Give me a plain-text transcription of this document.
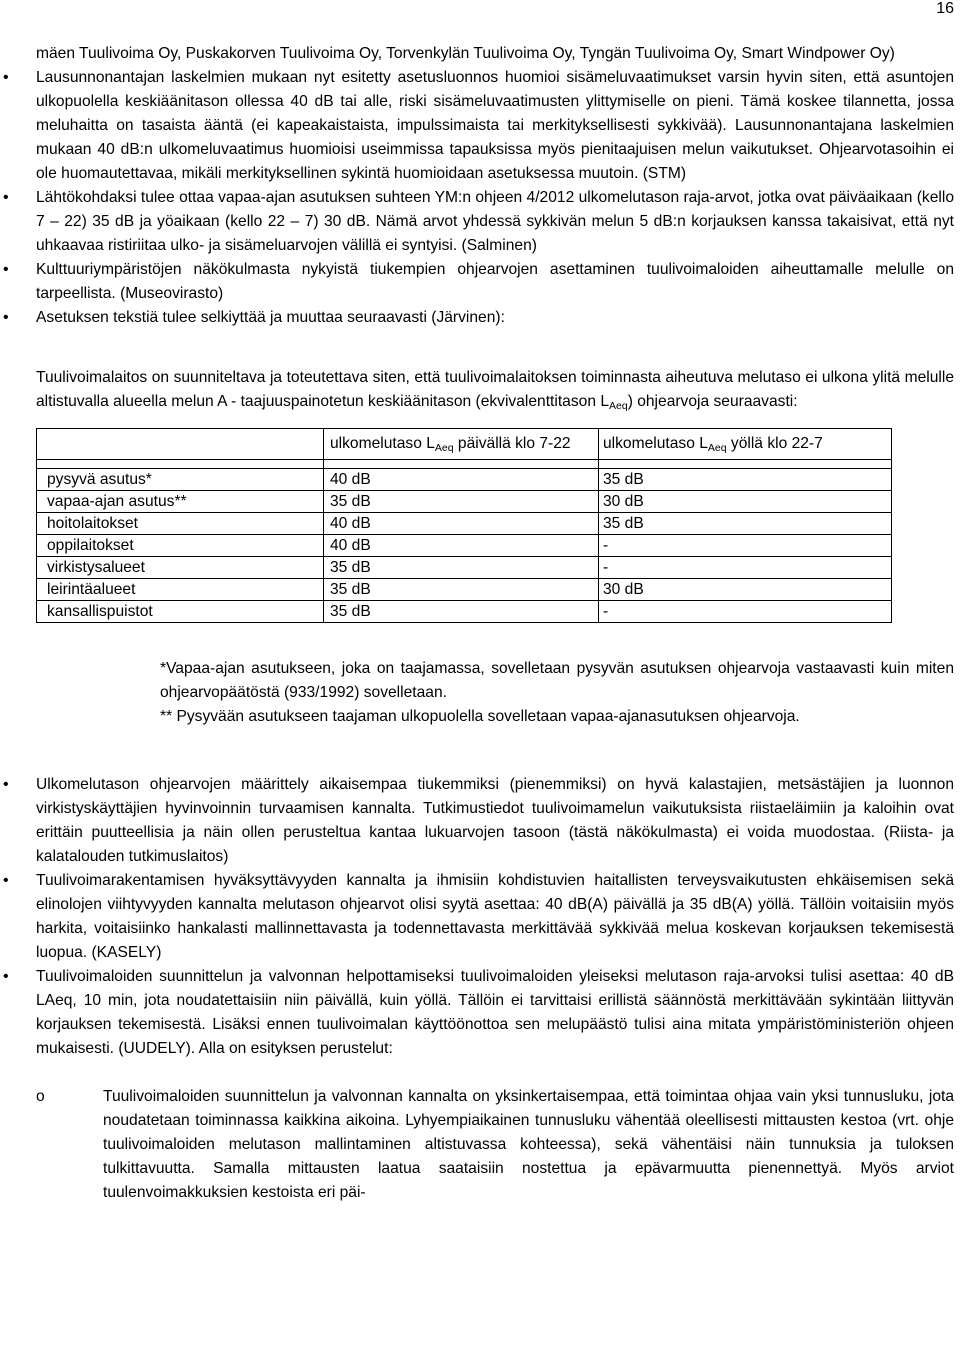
16

mäen Tuulivoima Oy, Puskakorven Tuulivoima Oy, Torvenkylän Tuulivoima Oy, Tyngän Tuulivoima Oy, Smart Windpower Oy)

• Lausunnonantajan laskelmien mukaan nyt esitetty asetusluonnos huomioi sisämeluvaatimukset varsin hyvin siten, että asuntojen ulkopuolella keskiäänitason ollessa 40 dB tai alle, riski sisämeluvaatimusten ylittymiselle on pieni. Tämä koskee tilannetta, jossa meluhaitta on tasaista ääntä (ei kapeakaistaista, impulssimaista tai merkityksellisesti sykkivää). Lausunnonantajana laskelmien mukaan 40 dB:n ulkomeluvaatimus huomioisi useimmissa tapauksissa myös pienitaajuisen melun vaikutukset. Ohjearvotasoihin ei ole huomautettavaa, mikäli merkityksellinen sykintä huomioidaan asetuksessa muutoin. (STM)
• Lähtökohdaksi tulee ottaa vapaa-ajan asutuksen suhteen YM:n ohjeen 4/2012 ulkomelutason raja-arvot, jotka ovat päiväaikaan (kello 7 – 22) 35 dB ja yöaikaan (kello 22 – 7) 30 dB. Nämä arvot yhdessä sykkivän melun 5 dB:n korjauksen kanssa takaisivat, että nyt uhkaavaa ristiriitaa ulko- ja sisämeluarvojen välillä ei syntyisi. (Salminen)
• Kulttuuriympäristöjen näkökulmasta nykyistä tiukempien ohjearvojen asettaminen tuulivoimaloiden aiheuttamalle melulle on tarpeellista. (Museovirasto)
• Asetuksen tekstiä tulee selkiyttää ja muuttaa seuraavasti (Järvinen):

Tuulivoimalaitos on suunniteltava ja toteutettava siten, että tuulivoimalaitoksen toiminnasta aiheutuva melutaso ei ulkona ylitä melulle altistuvalla alueella melun A - taajuuspainotetun keskiäänitason (ekvivalenttitason $L_{Aeq}$) ohjearvoja seuraavasti:

	ulkomelutaso $L_{Aeq}$ päivällä klo 7-22	ulkomelutaso $L_{Aeq}$ yöllä klo 22-7

pysyvä asutus*	40 dB	35 dB
vapaa-ajan asutus**	35 dB	30 dB
hoitolaitokset	40 dB	35 dB
oppilaitokset	40 dB	-
virkistysalueet	35 dB	-
leirintäalueet	35 dB	30 dB
kansallispuistot	35 dB	-

*Vapaa-ajan asutukseen, joka on taajamassa, sovelletaan pysyvän asutuksen ohjearvoja vastaavasti kuin miten ohjearvopäätöstä (933/1992) sovelletaan.

** Pysyvään asutukseen taajaman ulkopuolella sovelletaan vapaa-ajanasutuksen ohjearvoja.

• Ulkomelutason ohjearvojen määrittely aikaisempaa tiukemmiksi (pienemmiksi) on hyvä kalastajien, metsästäjien ja luonnon virkistyskäyttäjien hyvinvoinnin turvaamisen kannalta. Tutkimustiedot tuulivoimamelun vaikutuksista riistaeläimiin ja kaloihin ovat erittäin puutteellisia ja näin ollen perusteltua kantaa lukuarvojen tasoon (tästä näkökulmasta) ei voida muodostaa. (Riista- ja kalatalouden tutkimuslaitos)
• Tuulivoimarakentamisen hyväksyttävyyden kannalta ja ihmisiin kohdistuvien haitallisten terveysvaikutusten ehkäisemisen sekä elinolojen viihtyvyyden kannalta melutason ohjearvot olisi syytä asettaa: 40 dB(A) päivällä ja 35 dB(A) yöllä. Tällöin voitaisiin myös harkita, voitaisiinko hankalasti mallinnettavasta ja todennettavasta merkittävää sykkivää melua koskevan korjauksen tekemisestä luopua. (KASELY)
• Tuulivoimaloiden suunnittelun ja valvonnan helpottamiseksi tuulivoimaloiden yleiseksi melutason raja-arvoksi tulisi asettaa: 40 dB LAeq, 10 min, jota noudatettaisiin niin päivällä, kuin yöllä. Tällöin ei tarvittaisi erillistä säännöstä merkittävään sykintään liittyvän korjauksen tekemisestä. Lisäksi ennen tuulivoimalan käyttöönottoa sen melupäästö tulisi aina mitata ympäristöministeriön ohjeen mukaisesti. (UUDELY). Alla on esityksen perustelut:
o Tuulivoimaloiden suunnittelun ja valvonnan kannalta on yksinkertaisempaa, että toimintaa ohjaa vain yksi tunnusluku, jota noudatetaan toiminnassa kaikkina aikoina. Lyhyempiaikainen tunnusluku vähentää oleellisesti mittausten kestoa (vrt. ohje tuulivoimaloiden melutason mallintaminen altistuvassa kohteessa), sekä vähentäisi näin tunnuksia ja tuloksen tulkittavuutta. Samalla mittausten laatua saataisiin nostettua ja epävarmuutta pienennettyä. Myös arviot tuulenvoimakkuksien kestoista eri päi-
